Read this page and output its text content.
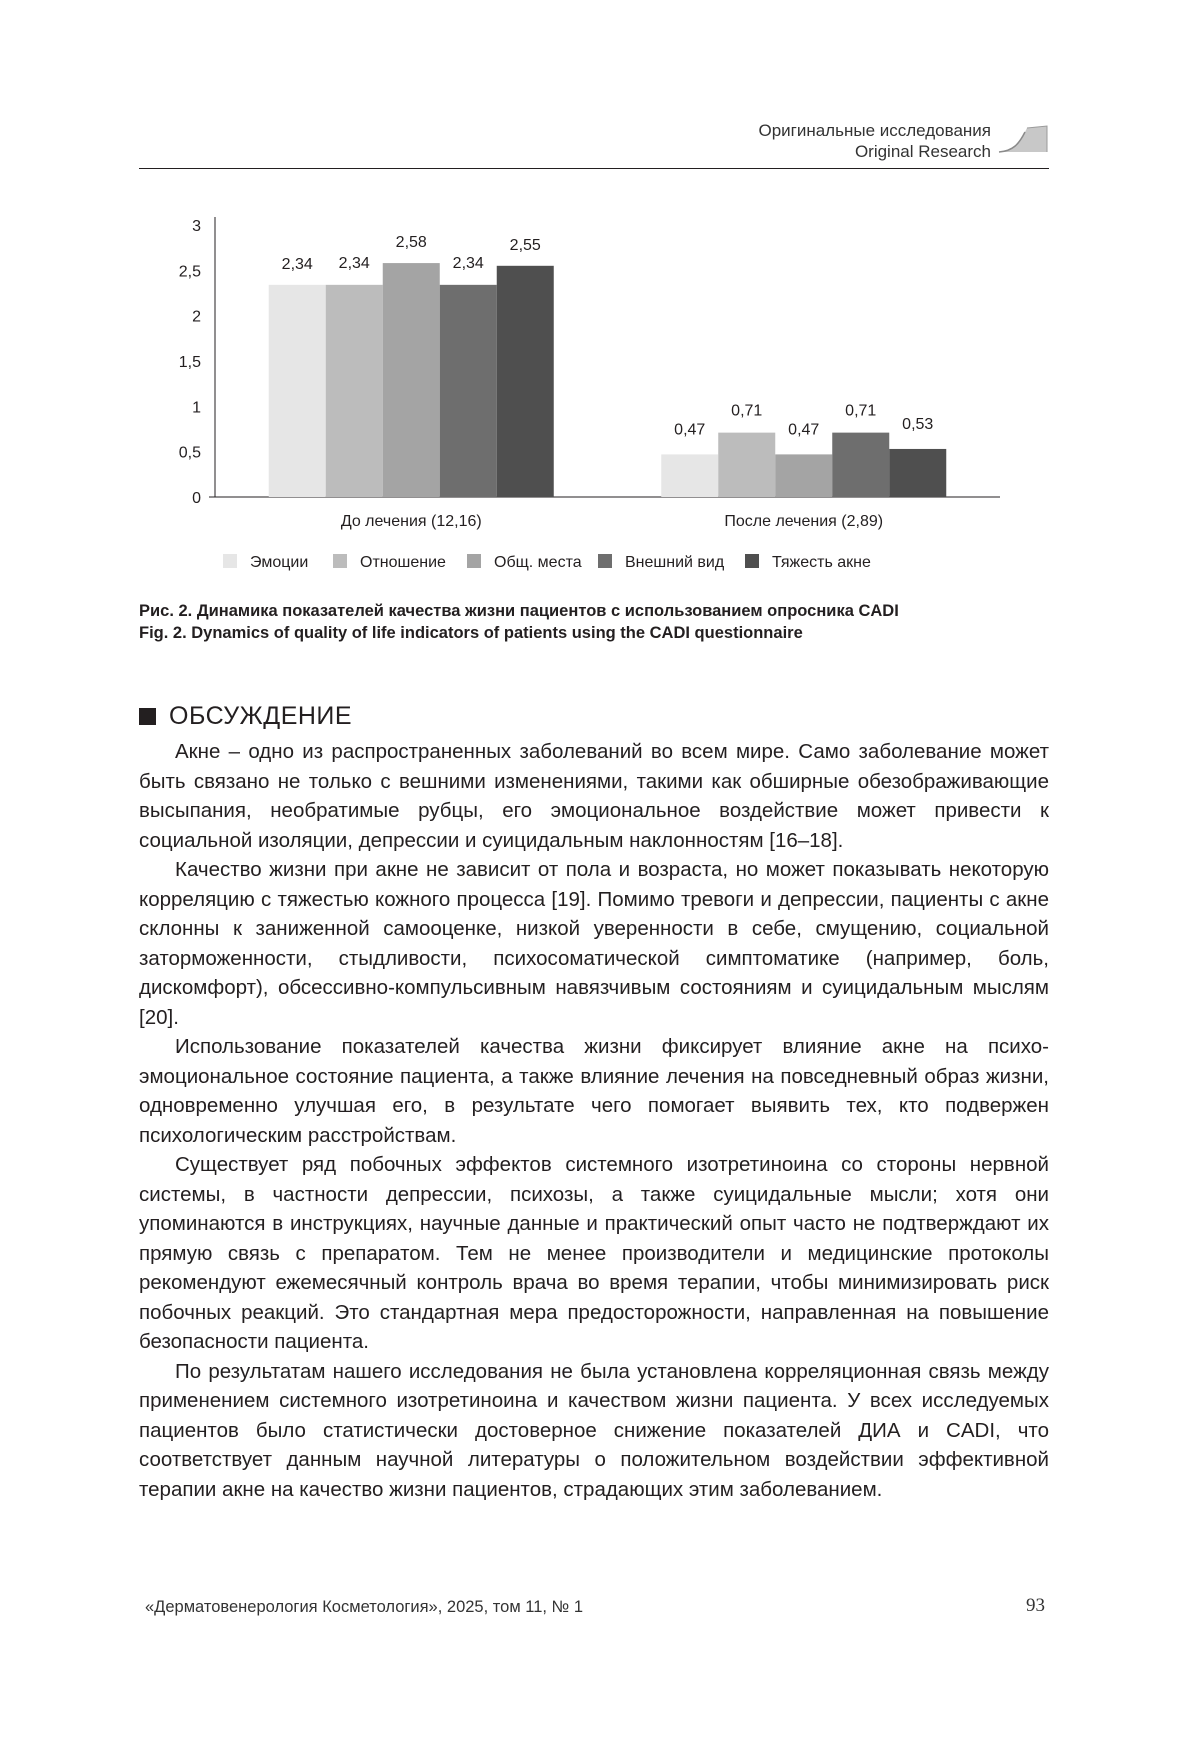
Оригинальные исследования
Original Research
0
0,5
1
1,5
2
2,5
3
2,34 2,34
2,58
2,34
2,55
До лечения (12,16)
0,47
0,71
0,47
0,71
0,53
После лечения (2,89)
Эмоции	Отношение	Общ. места	Внешний вид	Тяжесть акне
Рис. 2. Динамика показателей качества жизни пациентов с использованием опросника CADI
Fig. 2. Dynamics of quality of life indicators of patients using the CADI questionnaire
ОБСУЖДЕНИЕ

Акне – одно из распространенных заболеваний во всем мире. Само заболевание может быть связано не только с вешними изменениями, такими как обширные обезображивающие высыпания, необратимые рубцы, его эмоциональное воздействие может привести к социальной изоляции, депрессии и суицидальным наклонностям [16–18].

Качество жизни при акне не зависит от пола и возраста, но может показывать некоторую корреляцию с тяжестью кожного процесса [19]. Помимо тревоги и депрессии, пациенты с акне склонны к заниженной самооценке, низкой уверенности в себе, смущению, социальной заторможенности, стыдливости, психосоматической симптоматике (например, боль, дискомфорт), обсессивно-компульсивным навязчивым состояниям и суицидальным мыслям [20].

Использование показателей качества жизни фиксирует влияние акне на психоэмоциональное состояние пациента, а также влияние лечения на повседневный образ жизни, одновременно улучшая его, в результате чего помогает выявить тех, кто подвержен психологическим расстройствам.

Существует ряд побочных эффектов системного изотретиноина со стороны нервной системы, в частности депрессии, психозы, а также суицидальные мысли; хотя они упоминаются в инструкциях, научные данные и практический опыт часто не подтверждают их прямую связь с препаратом. Тем не менее производители и медицинские протоколы рекомендуют ежемесячный контроль врача во время терапии, чтобы минимизировать риск побочных реакций. Это стандартная мера предосторожности, направленная на повышение безопасности пациента.

По результатам нашего исследования не была установлена корреляционная связь между применением системного изотретиноина и качеством жизни пациента. У всех исследуемых пациентов было статистически достоверное снижение показателей ДИА и CADI, что соответствует данным научной литературы о положительном воздействии эффективной терапии акне на качество жизни пациентов, страдающих этим заболеванием.

«Дерматовенерология Косметология», 2025, том 11, № 1	93
